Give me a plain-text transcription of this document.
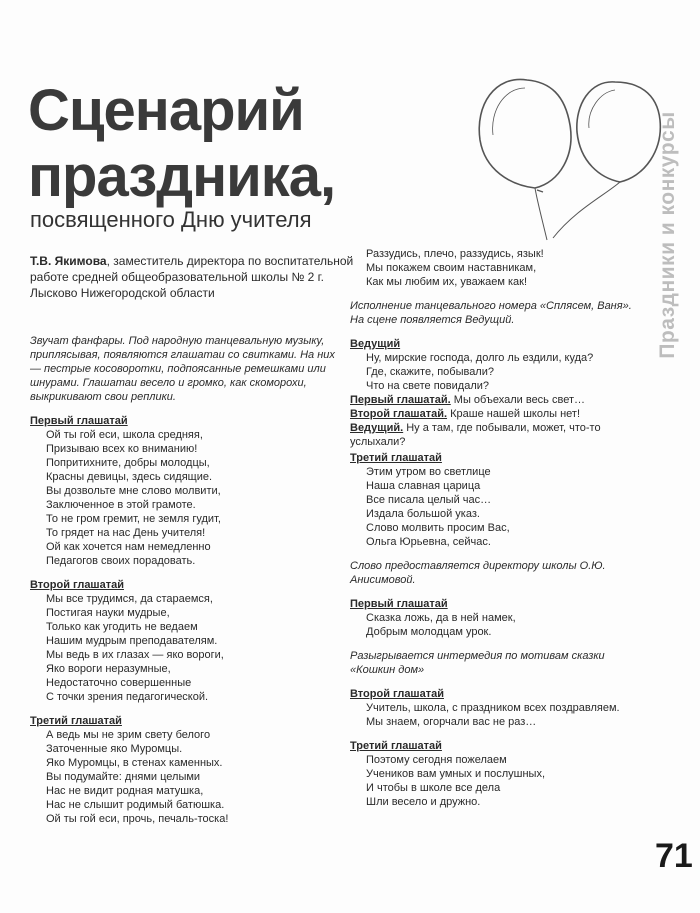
Сценарий
праздника,
посвященного Дню учителя	Праздники и конкурсы
Т.В. Якимова, заместитель директора по воспитательной работе средней общеобразовательной школы № 2 г. Лысково Нижегородской области
Звучат фанфары. Под народную танцевальную музыку, приплясывая, появляются глашатаи со свитками. На них — пестрые косоворотки, подпоясанные ремешками или шнурами. Глашатаи весело и громко, как скоморохи, выкрикивают свои реплики.
Первый глашатай
Ой ты гой еси, школа средняя,
Призываю всех ко вниманию!
Попритихните, добры молодцы,
Красны девицы, здесь сидящие.
Вы дозвольте мне слово молвити,
Заключенное в этой грамоте.
То не гром гремит, не земля гудит,
То грядет на нас День учителя!
Ой как хочется нам немедленно
Педагогов своих порадовать.
Второй глашатай
Мы все трудимся, да стараемся,
Постигая науки мудрые,
Только как угодить не ведаем
Нашим мудрым преподавателям.
Мы ведь в их глазах — яко вороги,
Яко вороги неразумные,
Недостаточно совершенные
С точки зрения педагогической.
Третий глашатай
А ведь мы не зрим свету белого
Заточенные яко Муромцы.
Яко Муромцы, в стенах каменных.
Вы подумайте: днями целыми
Нас не видит родная матушка,
Нас не слышит родимый батюшка.
Ой ты гой еси, прочь, печаль-тоска!
Раззудись, плечо, раззудись, язык!
Мы покажем своим наставникам,
Как мы любим их, уважаем как!
Исполнение танцевального номера «Сплясем, Ваня». На сцене появляется Ведущий.
Ведущий
Ну, мирские господа, долго ль ездили, куда?
Где, скажите, побывали?
Что на свете повидали?
Первый глашатай. Мы объехали весь свет…
Второй глашатай. Краше нашей школы нет!
Ведущий. Ну а там, где побывали, может, что-то услыхали?
Третий глашатай
Этим утром во светлице
Наша славная царица
Все писала целый час…
Издала большой указ.
Слово молвить просим Вас,
Ольга Юрьевна, сейчас.
Слово предоставляется директору школы О.Ю. Анисимовой.
Первый глашатай
Сказка ложь, да в ней намек,
Добрым молодцам урок.
Разыгрывается интермедия по мотивам сказки «Кошкин дом»
Второй глашатай
Учитель, школа, с праздником всех поздравляем.
Мы знаем, огорчали вас не раз…
Третий глашатай
Поэтому сегодня пожелаем
Учеников вам умных и послушных,
И чтобы в школе все дела
Шли весело и дружно.
71
